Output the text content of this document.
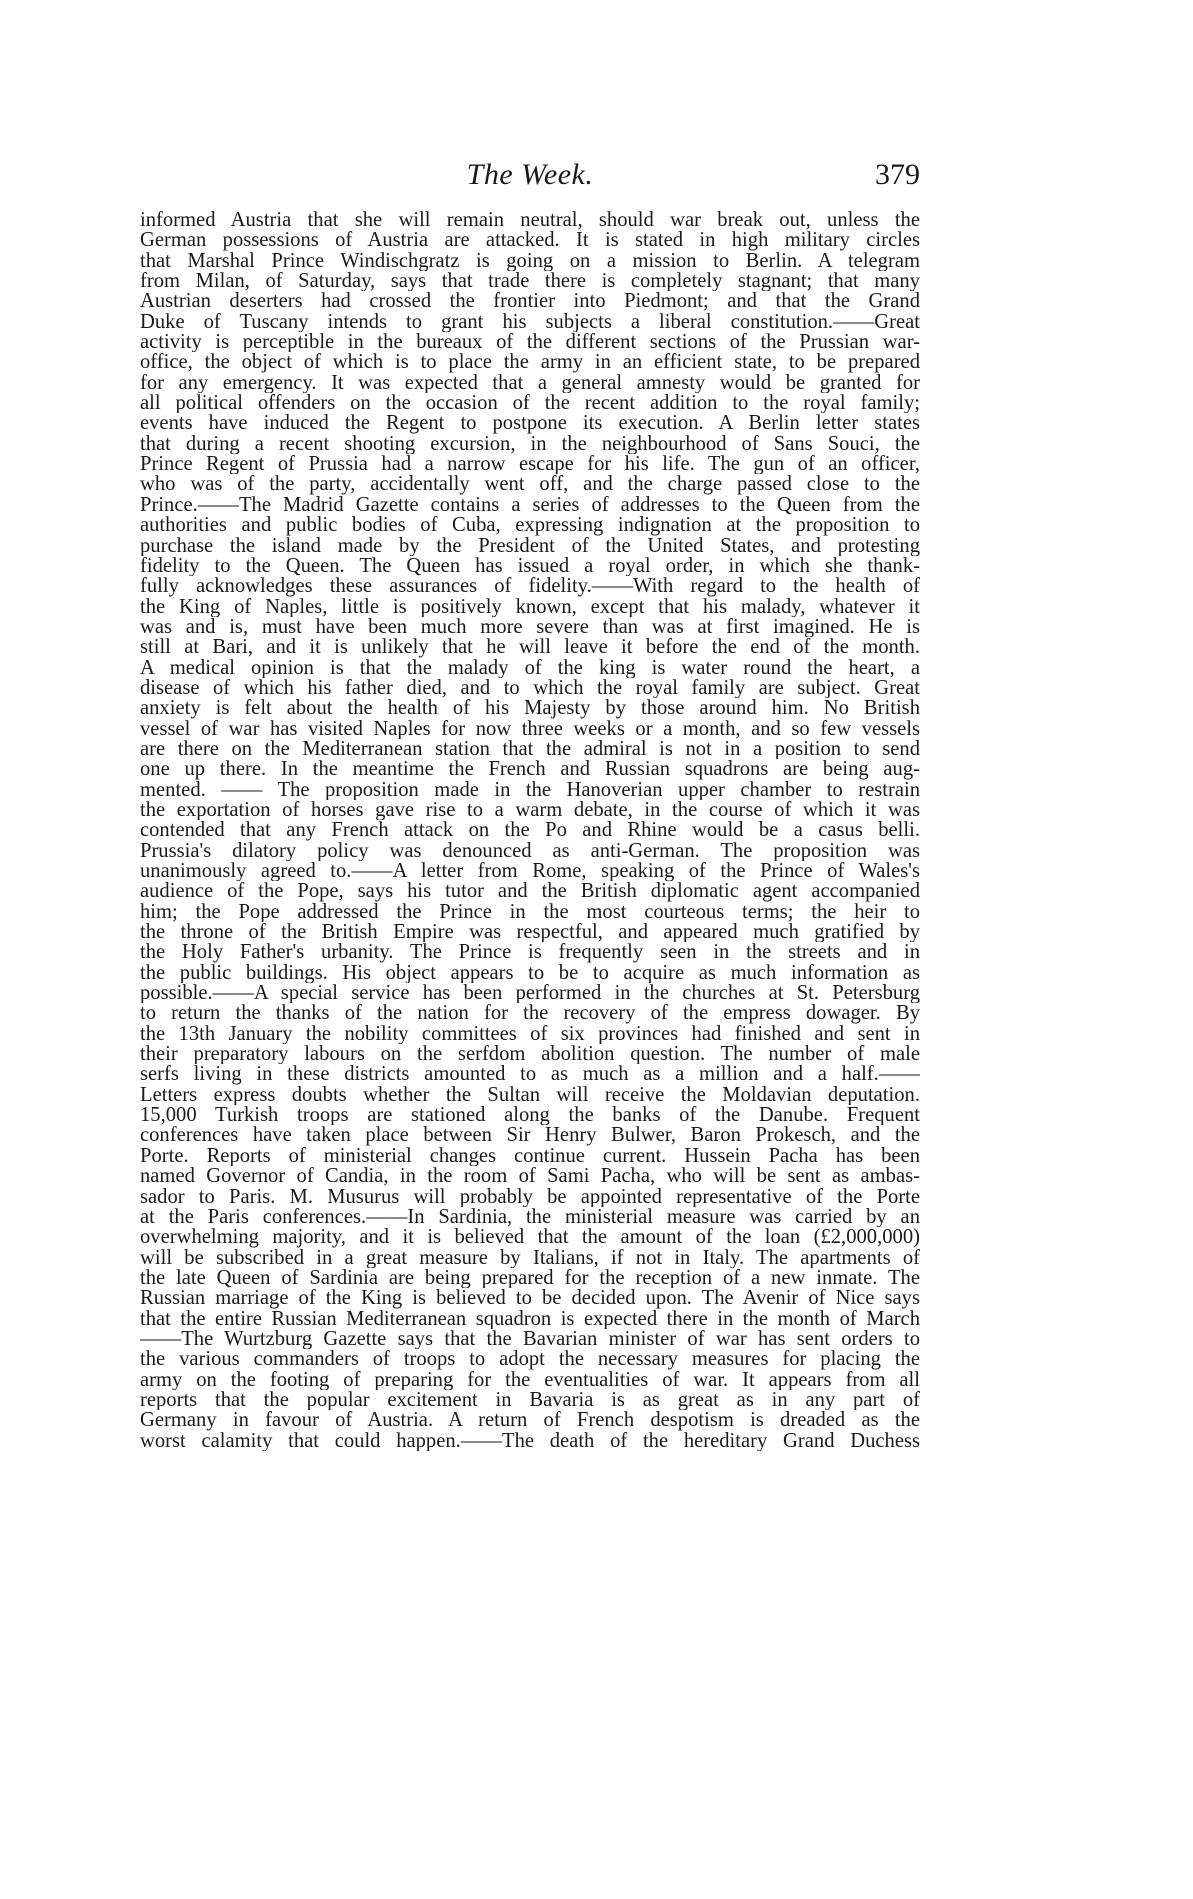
The Week.	379
informed Austria that she will remain neutral, should war break out, unless the
German possessions of Austria are attacked. It is stated in high military circles
that Marshal Prince Windischgratz is going on a mission to Berlin. A telegram
from Milan, of Saturday, says that trade there is completely stagnant; that many
Austrian deserters had crossed the frontier into Piedmont; and that the Grand
Duke of Tuscany intends to grant his subjects a liberal constitution.——Great
activity is perceptible in the bureaux of the different sections of the Prussian war-
office, the object of which is to place the army in an efficient state, to be prepared
for any emergency. It was expected that a general amnesty would be granted for
all political offenders on the occasion of the recent addition to the royal family;
events have induced the Regent to postpone its execution. A Berlin letter states
that during a recent shooting excursion, in the neighbourhood of Sans Souci, the
Prince Regent of Prussia had a narrow escape for his life. The gun of an officer,
who was of the party, accidentally went off, and the charge passed close to the
Prince.——The Madrid Gazette contains a series of addresses to the Queen from the
authorities and public bodies of Cuba, expressing indignation at the proposition to
purchase the island made by the President of the United States, and protesting
fidelity to the Queen. The Queen has issued a royal order, in which she thank-
fully acknowledges these assurances of fidelity.——With regard to the health of
the King of Naples, little is positively known, except that his malady, whatever it
was and is, must have been much more severe than was at first imagined. He is
still at Bari, and it is unlikely that he will leave it before the end of the month.
A medical opinion is that the malady of the king is water round the heart, a
disease of which his father died, and to which the royal family are subject. Great
anxiety is felt about the health of his Majesty by those around him. No British
vessel of war has visited Naples for now three weeks or a month, and so few vessels
are there on the Mediterranean station that the admiral is not in a position to send
one up there. In the meantime the French and Russian squadrons are being aug-
mented. —— The proposition made in the Hanoverian upper chamber to restrain
the exportation of horses gave rise to a warm debate, in the course of which it was
contended that any French attack on the Po and Rhine would be a casus belli.
Prussia's dilatory policy was denounced as anti-German. The proposition was
unanimously agreed to.——A letter from Rome, speaking of the Prince of Wales's
audience of the Pope, says his tutor and the British diplomatic agent accompanied
him; the Pope addressed the Prince in the most courteous terms; the heir to
the throne of the British Empire was respectful, and appeared much gratified by
the Holy Father's urbanity. The Prince is frequently seen in the streets and in
the public buildings. His object appears to be to acquire as much information as
possible.——A special service has been performed in the churches at St. Petersburg
to return the thanks of the nation for the recovery of the empress dowager. By
the 13th January the nobility committees of six provinces had finished and sent in
their preparatory labours on the serfdom abolition question. The number of male
serfs living in these districts amounted to as much as a million and a half.——
Letters express doubts whether the Sultan will receive the Moldavian deputation.
15,000 Turkish troops are stationed along the banks of the Danube. Frequent
conferences have taken place between Sir Henry Bulwer, Baron Prokesch, and the
Porte. Reports of ministerial changes continue current. Hussein Pacha has been
named Governor of Candia, in the room of Sami Pacha, who will be sent as ambas-
sador to Paris. M. Musurus will probably be appointed representative of the Porte
at the Paris conferences.——In Sardinia, the ministerial measure was carried by an
overwhelming majority, and it is believed that the amount of the loan (£2,000,000)
will be subscribed in a great measure by Italians, if not in Italy. The apartments of
the late Queen of Sardinia are being prepared for the reception of a new inmate. The
Russian marriage of the King is believed to be decided upon. The Avenir of Nice says
that the entire Russian Mediterranean squadron is expected there in the month of March
——The Wurtzburg Gazette says that the Bavarian minister of war has sent orders to
the various commanders of troops to adopt the necessary measures for placing the
army on the footing of preparing for the eventualities of war. It appears from all
reports that the popular excitement in Bavaria is as great as in any part of
Germany in favour of Austria. A return of French despotism is dreaded as the
worst calamity that could happen.——The death of the hereditary Grand Duchess
